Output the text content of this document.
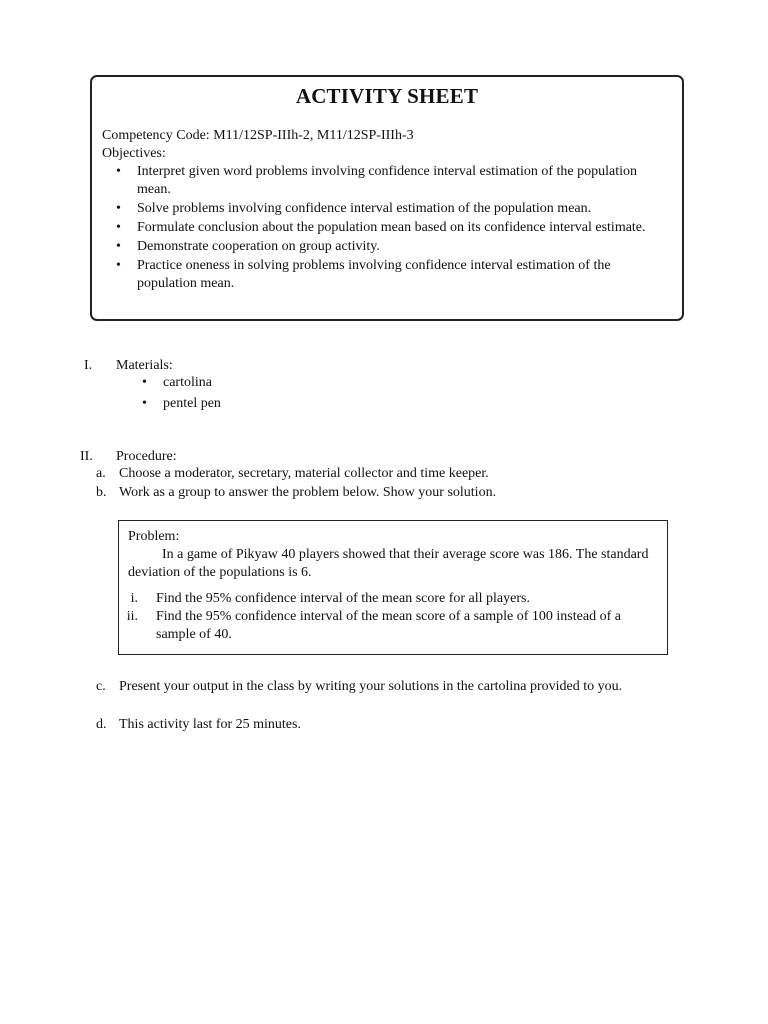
ACTIVITY SHEET
Competency Code: M11/12SP-IIIh-2, M11/12SP-IIIh-3
Objectives:
• Interpret given word problems involving confidence interval estimation of the population mean.
• Solve problems involving confidence interval estimation of the population mean.
• Formulate conclusion about the population mean based on its confidence interval estimate.
• Demonstrate cooperation on group activity.
• Practice oneness in solving problems involving confidence interval estimation of the population mean.
I. Materials:
• cartolina
• pentel pen
II. Procedure:
a. Choose a moderator, secretary, material collector and time keeper.
b. Work as a group to answer the problem below. Show your solution.
Problem:
In a game of Pikyaw 40 players showed that their average score was 186. The standard deviation of the populations is 6.
i. Find the 95% confidence interval of the mean score for all players.
ii. Find the 95% confidence interval of the mean score of a sample of 100 instead of a sample of 40.
c. Present your output in the class by writing your solutions in the cartolina provided to you.
d. This activity last for 25 minutes.
